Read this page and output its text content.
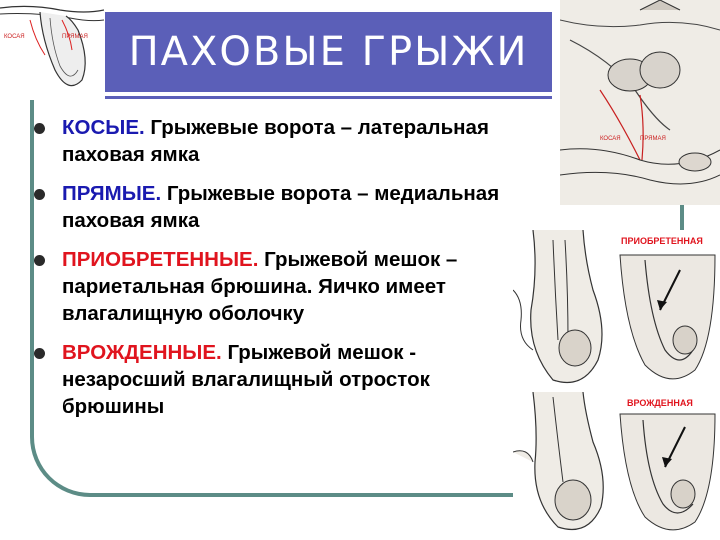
ПАХОВЫЕ ГРЫЖИ
КОСЫЕ. Грыжевые ворота – латеральная паховая ямка
ПРЯМЫЕ. Грыжевые ворота – медиальная паховая ямка
ПРИОБРЕТЕННЫЕ. Грыжевой мешок – париетальная брюшина. Яичко имеет влагалищную оболочку
ВРОЖДЕННЫЕ. Грыжевой мешок - незаросший влагалищный отросток брюшины
КОСАЯ	ПРЯМАЯ
КОСАЯ	ПРЯМАЯ
ПРИОБРЕТЕННАЯ
ВРОЖДЕННАЯ
